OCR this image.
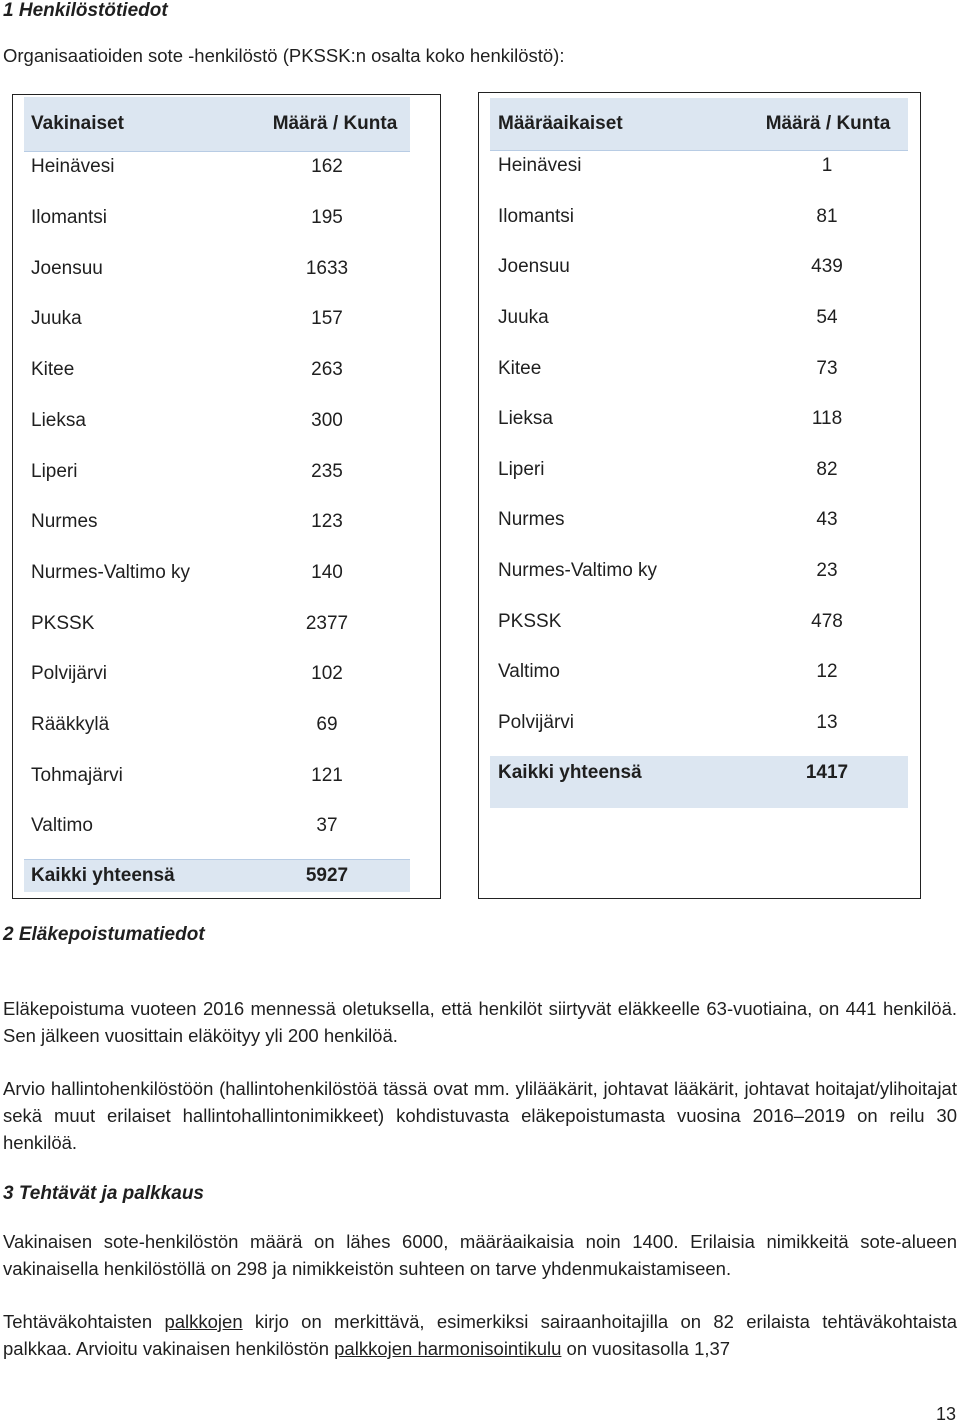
1 Henkilöstötiedot

Organisaatioiden sote -henkilöstö (PKSSK:n osalta koko henkilöstö):

Vakinaiset	Määrä / Kunta
Heinävesi	162
Ilomantsi	195
Joensuu	1633
Juuka	157
Kitee	263
Lieksa	300
Liperi	235
Nurmes	123
Nurmes-Valtimo ky	140
PKSSK	2377
Polvijärvi	102
Rääkkylä	69
Tohmajärvi	121
Valtimo	37
Kaikki yhteensä	5927
Määräaikaiset	Määrä / Kunta
Heinävesi	1
Ilomantsi	81
Joensuu	439
Juuka	54
Kitee	73
Lieksa	118
Liperi	82
Nurmes	43
Nurmes-Valtimo ky	23
PKSSK	478
Valtimo	12
Polvijärvi	13
Kaikki yhteensä	1417
2 Eläkepoistumatiedot

Eläkepoistuma vuoteen 2016 mennessä oletuksella, että henkilöt siirtyvät eläkkeelle 63-vuotiaina, on 441 henkilöä. Sen jälkeen vuosittain eläköityy yli 200 henkilöä.

Arvio hallintohenkilöstöön (hallintohenkilöstöä tässä ovat mm. ylilääkärit, johtavat lääkärit, johtavat hoitajat/ylihoitajat sekä muut erilaiset hallintohallintonimikkeet) kohdistuvasta eläkepoistumasta vuosina 2016–2019 on reilu 30 henkilöä.

3 Tehtävät ja palkkaus

Vakinaisen sote-henkilöstön määrä on lähes 6000, määräaikaisia noin 1400. Erilaisia nimikkeitä sote-alueen vakinaisella henkilöstöllä on 298 ja nimikkeistön suhteen on tarve yhdenmukaistamiseen.

Tehtäväkohtaisten palkkojen kirjo on merkittävä, esimerkiksi sairaanhoitajilla on 82 erilaista tehtäväkohtaista palkkaa. Arvioitu vakinaisen henkilöstön palkkojen harmonisointikulu on vuositasolla 1,37

13
